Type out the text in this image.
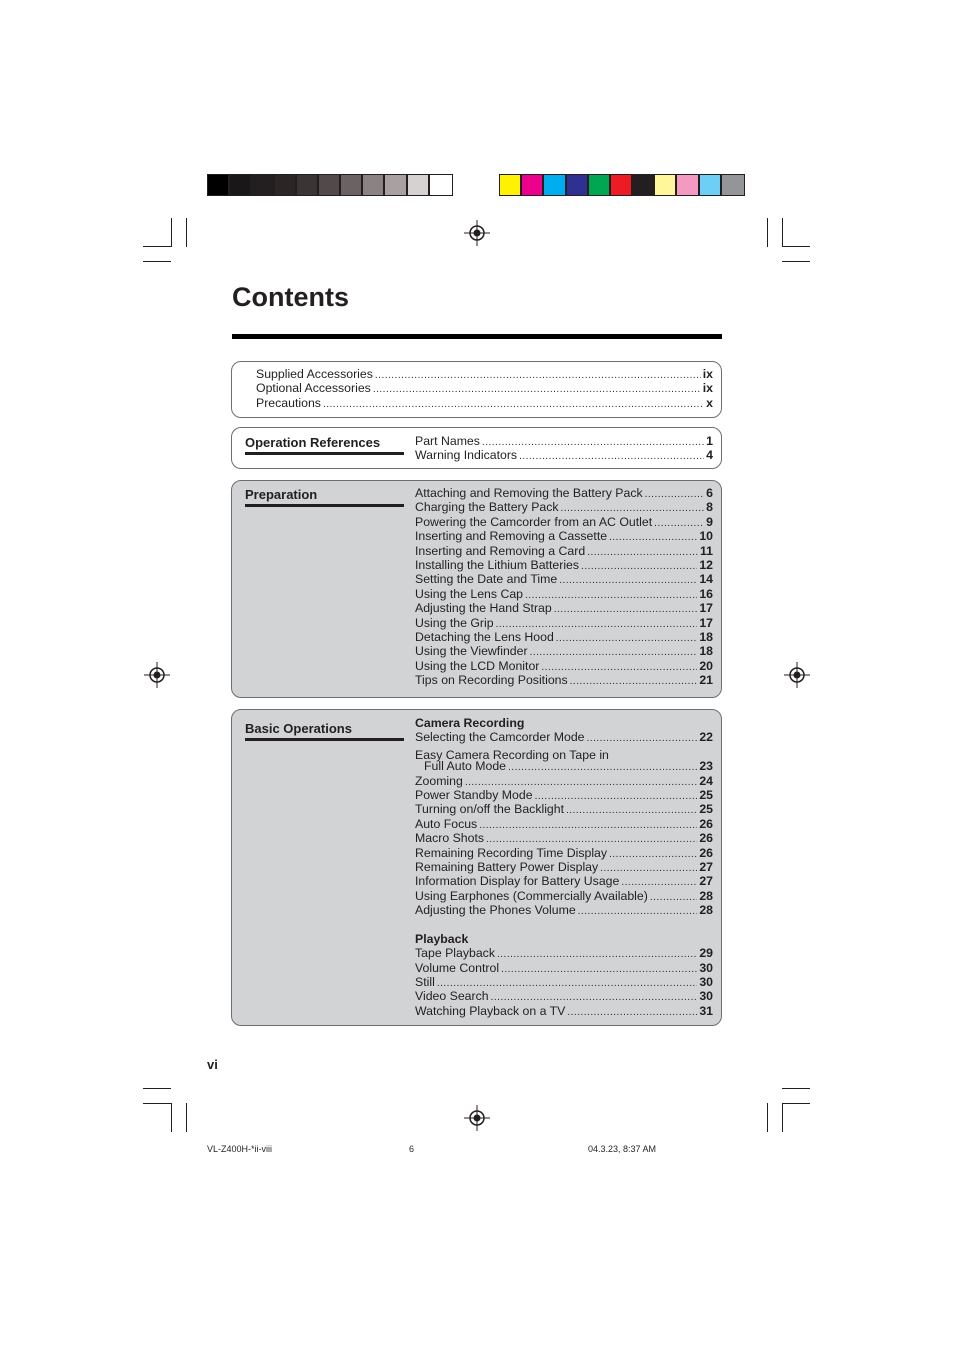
Contents
Supplied Accessories .....	ix
Optional Accessories .....	ix
Precautions .....	x
Operation References	Part Names .....	1
Warning Indicators .....	4
Preparation	Attaching and Removing the Battery Pack .....	6
Charging the Battery Pack .....	8
Powering the Camcorder from an AC Outlet .....	9
Inserting and Removing a Cassette .....	10
Inserting and Removing a Card .....	11
Installing the Lithium Batteries .....	12
Setting the Date and Time .....	14
Using the Lens Cap .....	16
Adjusting the Hand Strap .....	17
Using the Grip .....	17
Detaching the Lens Hood .....	18
Using the Viewfinder .....	18
Using the LCD Monitor .....	20
Tips on Recording Positions .....	21
Basic Operations	Camera Recording
Selecting the Camcorder Mode .....	22
Easy Camera Recording on Tape in
Full Auto Mode .....	23
Zooming .....	24
Power Standby Mode .....	25
Turning on/off the Backlight .....	25
Auto Focus .....	26
Macro Shots .....	26
Remaining Recording Time Display .....	26
Remaining Battery Power Display .....	27
Information Display for Battery Usage .....	27
Using Earphones (Commercially Available) .....	28
Adjusting the Phones Volume .....	28
Playback
Tape Playback .....	29
Volume Control .....	30
Still .....	30
Video Search .....	30
Watching Playback on a TV .....	31
vi
VL-Z400H-*ii-viii	6	04.3.23, 8:37 AM
